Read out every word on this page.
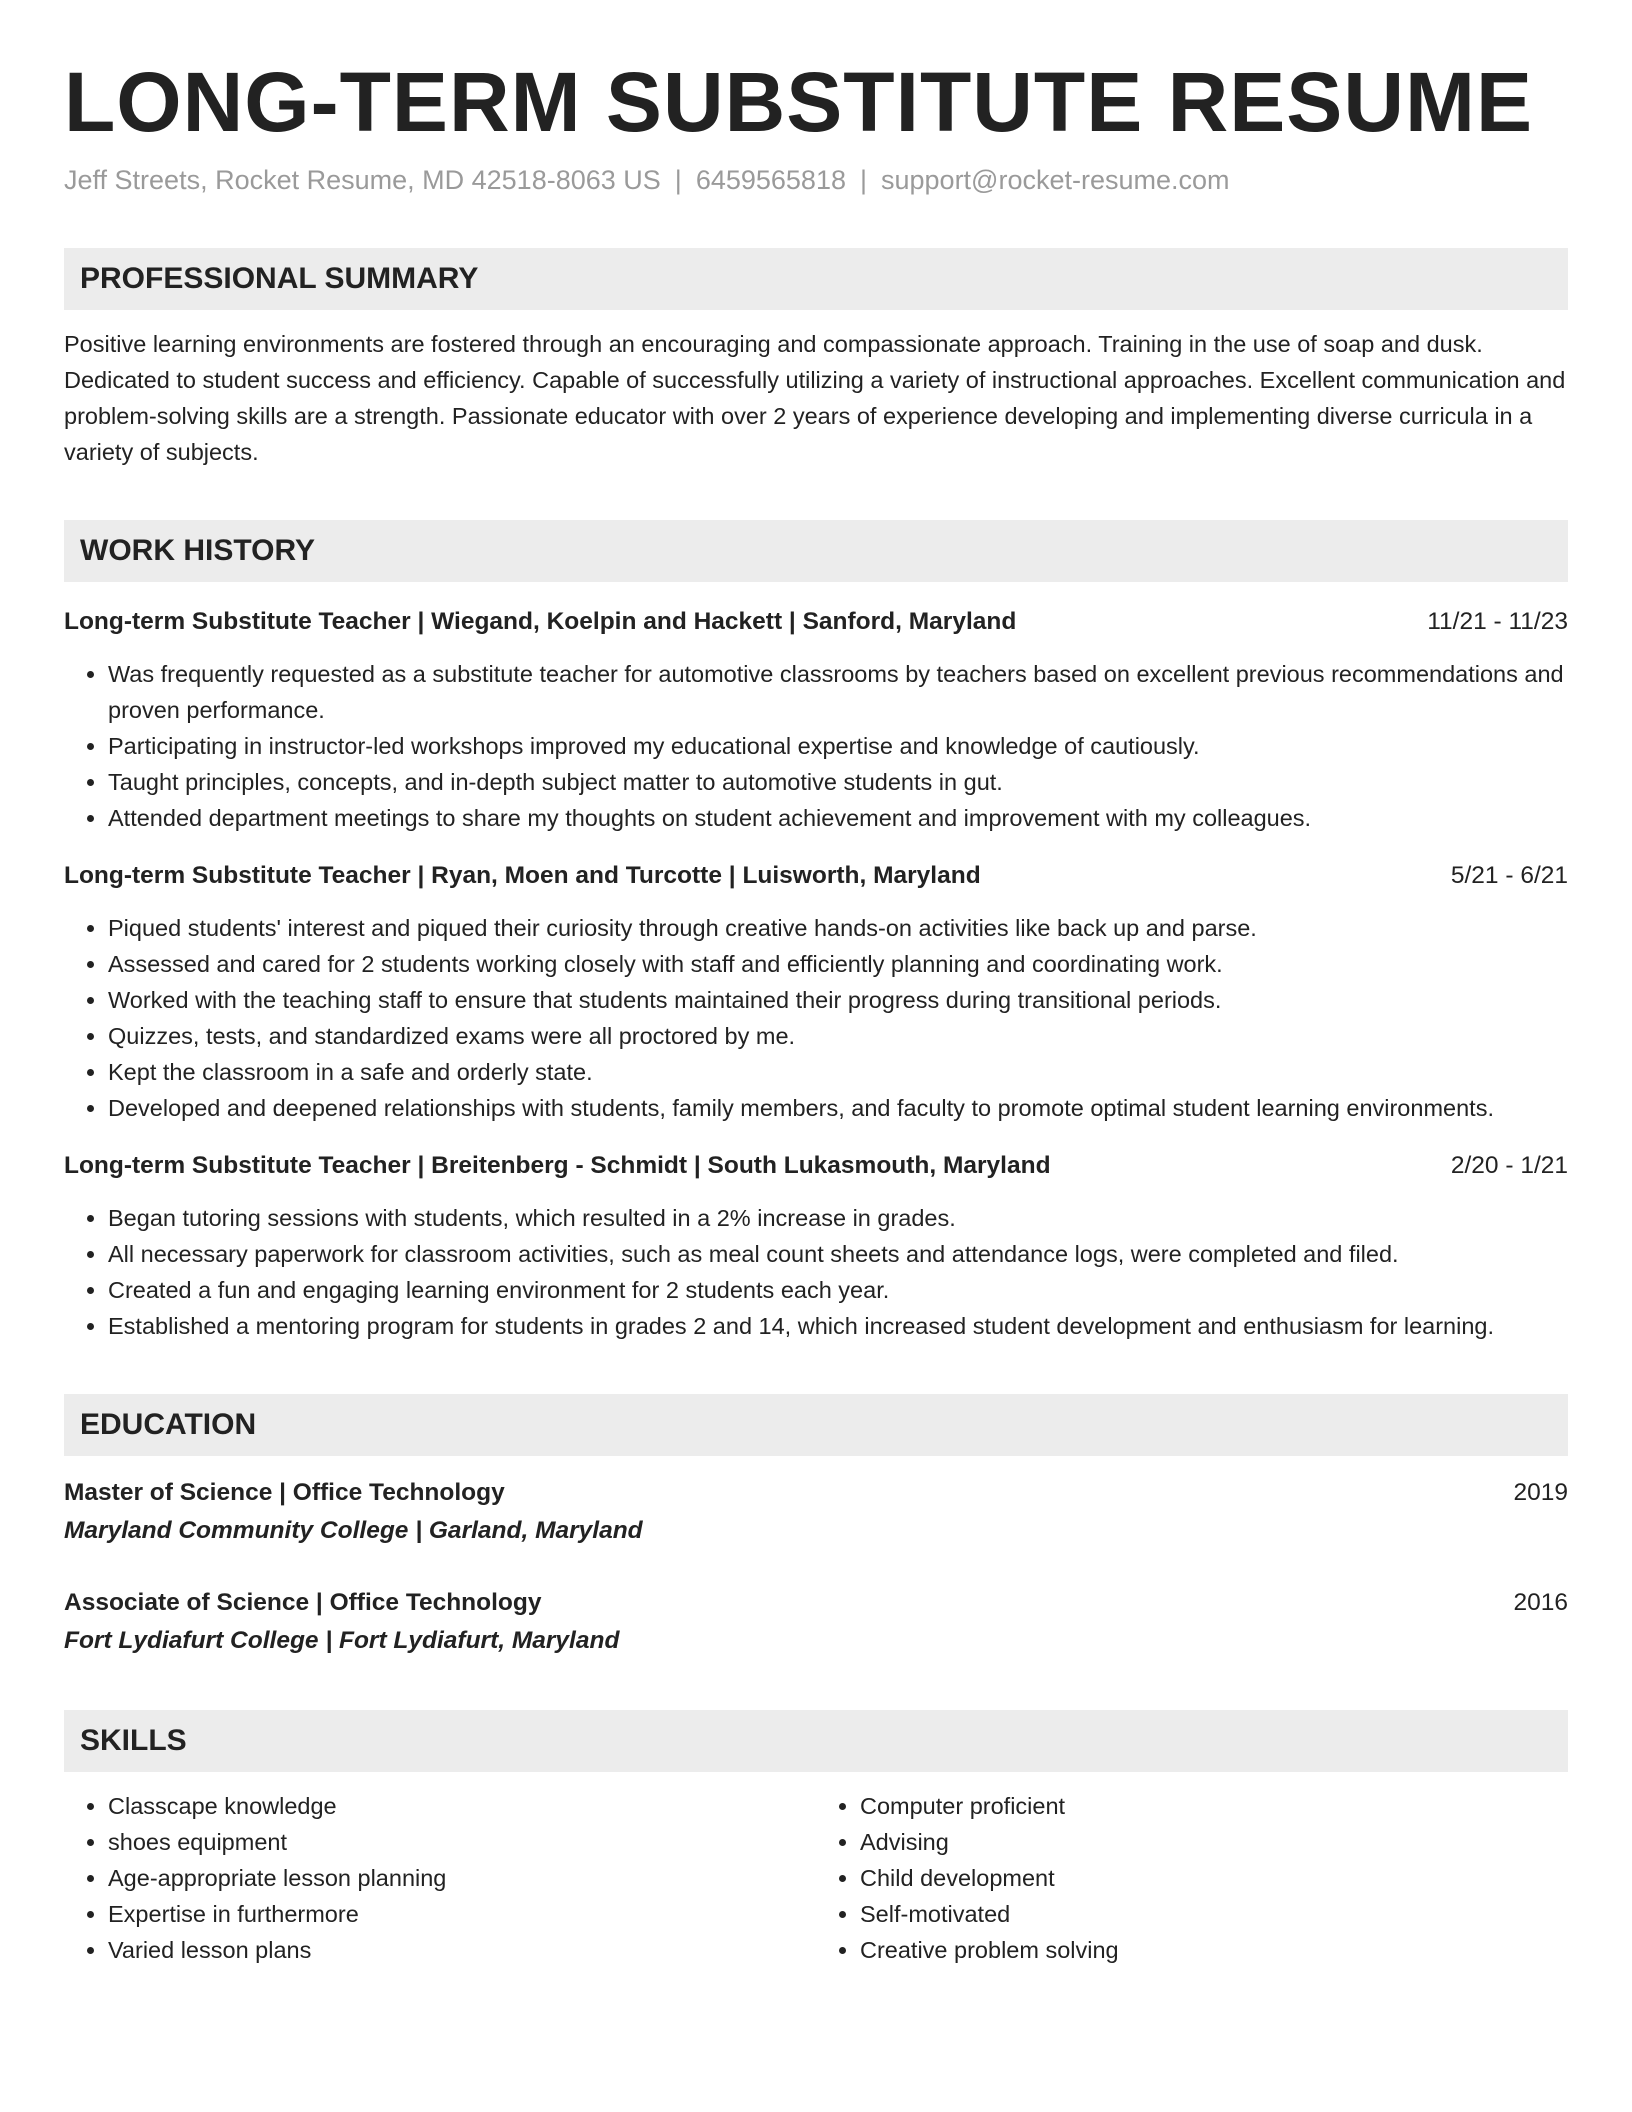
LONG-TERM SUBSTITUTE RESUME
Jeff Streets, Rocket Resume, MD 42518-8063 US | 6459565818 | support@rocket-resume.com
PROFESSIONAL SUMMARY
Positive learning environments are fostered through an encouraging and compassionate approach. Training in the use of soap and dusk. Dedicated to student success and efficiency. Capable of successfully utilizing a variety of instructional approaches. Excellent communication and problem-solving skills are a strength. Passionate educator with over 2 years of experience developing and implementing diverse curricula in a variety of subjects.
WORK HISTORY
Long-term Substitute Teacher | Wiegand, Koelpin and Hackett | Sanford, Maryland	11/21 - 11/23
• Was frequently requested as a substitute teacher for automotive classrooms by teachers based on excellent previous recommendations and proven performance.
• Participating in instructor-led workshops improved my educational expertise and knowledge of cautiously.
• Taught principles, concepts, and in-depth subject matter to automotive students in gut.
• Attended department meetings to share my thoughts on student achievement and improvement with my colleagues.
Long-term Substitute Teacher | Ryan, Moen and Turcotte | Luisworth, Maryland	5/21 - 6/21
• Piqued students' interest and piqued their curiosity through creative hands-on activities like back up and parse.
• Assessed and cared for 2 students working closely with staff and efficiently planning and coordinating work.
• Worked with the teaching staff to ensure that students maintained their progress during transitional periods.
• Quizzes, tests, and standardized exams were all proctored by me.
• Kept the classroom in a safe and orderly state.
• Developed and deepened relationships with students, family members, and faculty to promote optimal student learning environments.
Long-term Substitute Teacher | Breitenberg - Schmidt | South Lukasmouth, Maryland	2/20 - 1/21
• Began tutoring sessions with students, which resulted in a 2% increase in grades.
• All necessary paperwork for classroom activities, such as meal count sheets and attendance logs, were completed and filed.
• Created a fun and engaging learning environment for 2 students each year.
• Established a mentoring program for students in grades 2 and 14, which increased student development and enthusiasm for learning.
EDUCATION
Master of Science | Office Technology	2019
Maryland Community College | Garland, Maryland
Associate of Science | Office Technology	2016
Fort Lydiafurt College | Fort Lydiafurt, Maryland
SKILLS
• Classcape knowledge
• shoes equipment
• Age-appropriate lesson planning
• Expertise in furthermore
• Varied lesson plans
• Computer proficient
• Advising
• Child development
• Self-motivated
• Creative problem solving
